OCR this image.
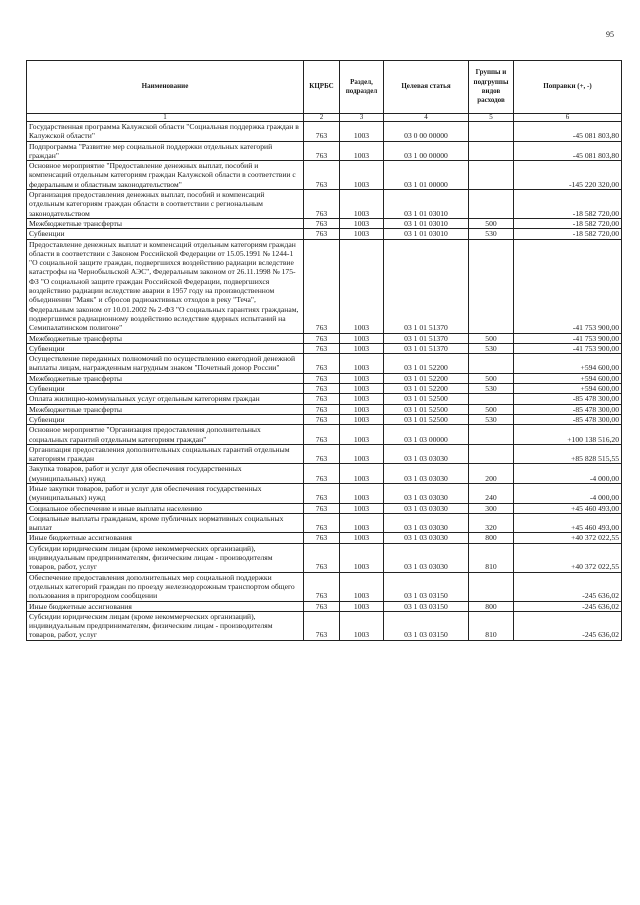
95
Наименование	КЦРБС	Раздел, подраздел	Целевая статья	Группы и подгруппы видов расходов	Поправки (+, -)
1	2	3	4	5	6
Государственная программа Калужской области "Социальная поддержка граждан в Калужской области"	763	1003	03 0 00 00000		-45 081 803,80
Подпрограмма "Развитие мер социальной поддержки отдельных категорий граждан"	763	1003	03 1 00 00000		-45 081 803,80
Основное мероприятие "Предоставление денежных выплат, пособий и компенсаций отдельным категориям граждан Калужской области в соответствии с федеральным и областным законодательством"	763	1003	03 1 01 00000		-145 220 320,00
Организация предоставления денежных выплат, пособий и компенсаций отдельным категориям граждан области в соответствии с региональным законодательством	763	1003	03 1 01 03010		-18 582 720,00
Межбюджетные трансферты	763	1003	03 1 01 03010	500	-18 582 720,00
Субвенции	763	1003	03 1 01 03010	530	-18 582 720,00
Предоставление денежных выплат и компенсаций отдельным категориям граждан области в соответствии с Законом Российской Федерации от 15.05.1991 № 1244-1 "О социальной защите граждан, подвергшихся воздействию радиации вследствие катастрофы на Чернобыльской АЭС", Федеральным законом от 26.11.1998 № 175-ФЗ "О социальной защите граждан Российской Федерации, подвергшихся воздействию радиации вследствие аварии в 1957 году на производственном объединении "Маяк" и сбросов радиоактивных отходов в реку "Теча", Федеральным законом от 10.01.2002 № 2-ФЗ "О социальных гарантиях гражданам, подвергшимся радиационному воздействию вследствие ядерных испытаний на Семипалатинском полигоне"	763	1003	03 1 01 51370		-41 753 900,00
Межбюджетные трансферты	763	1003	03 1 01 51370	500	-41 753 900,00
Субвенции	763	1003	03 1 01 51370	530	-41 753 900,00
Осуществление переданных полномочий по осуществлению ежегодной денежной выплаты лицам, награжденным нагрудным знаком "Почетный донор России"	763	1003	03 1 01 52200		+594 600,00
Межбюджетные трансферты	763	1003	03 1 01 52200	500	+594 600,00
Субвенции	763	1003	03 1 01 52200	530	+594 600,00
Оплата жилищно-коммунальных услуг отдельным категориям граждан	763	1003	03 1 01 52500		-85 478 300,00
Межбюджетные трансферты	763	1003	03 1 01 52500	500	-85 478 300,00
Субвенции	763	1003	03 1 01 52500	530	-85 478 300,00
Основное мероприятие "Организация предоставления дополнительных социальных гарантий отдельным категориям граждан"	763	1003	03 1 03 00000		+100 138 516,20
Организация предоставления дополнительных социальных гарантий отдельным категориям граждан	763	1003	03 1 03 03030		+85 828 515,55
Закупка товаров, работ и услуг для обеспечения государственных (муниципальных) нужд	763	1003	03 1 03 03030	200	-4 000,00
Иные закупки товаров, работ и услуг для обеспечения государственных (муниципальных) нужд	763	1003	03 1 03 03030	240	-4 000,00
Социальное обеспечение и иные выплаты населению	763	1003	03 1 03 03030	300	+45 460 493,00
Социальные выплаты гражданам, кроме публичных нормативных социальных выплат	763	1003	03 1 03 03030	320	+45 460 493,00
Иные бюджетные ассигнования	763	1003	03 1 03 03030	800	+40 372 022,55
Субсидии юридическим лицам (кроме некоммерческих организаций), индивидуальным предпринимателям, физическим лицам - производителям товаров, работ, услуг	763	1003	03 1 03 03030	810	+40 372 022,55
Обеспечение предоставления дополнительных мер социальной поддержки отдельных категорий граждан по проезду железнодорожным транспортом общего пользования в пригородном сообщении	763	1003	03 1 03 03150		-245 636,02
Иные бюджетные ассигнования	763	1003	03 1 03 03150	800	-245 636,02
Субсидии юридическим лицам (кроме некоммерческих организаций), индивидуальным предпринимателям, физическим лицам - производителям товаров, работ, услуг	763	1003	03 1 03 03150	810	-245 636,02
